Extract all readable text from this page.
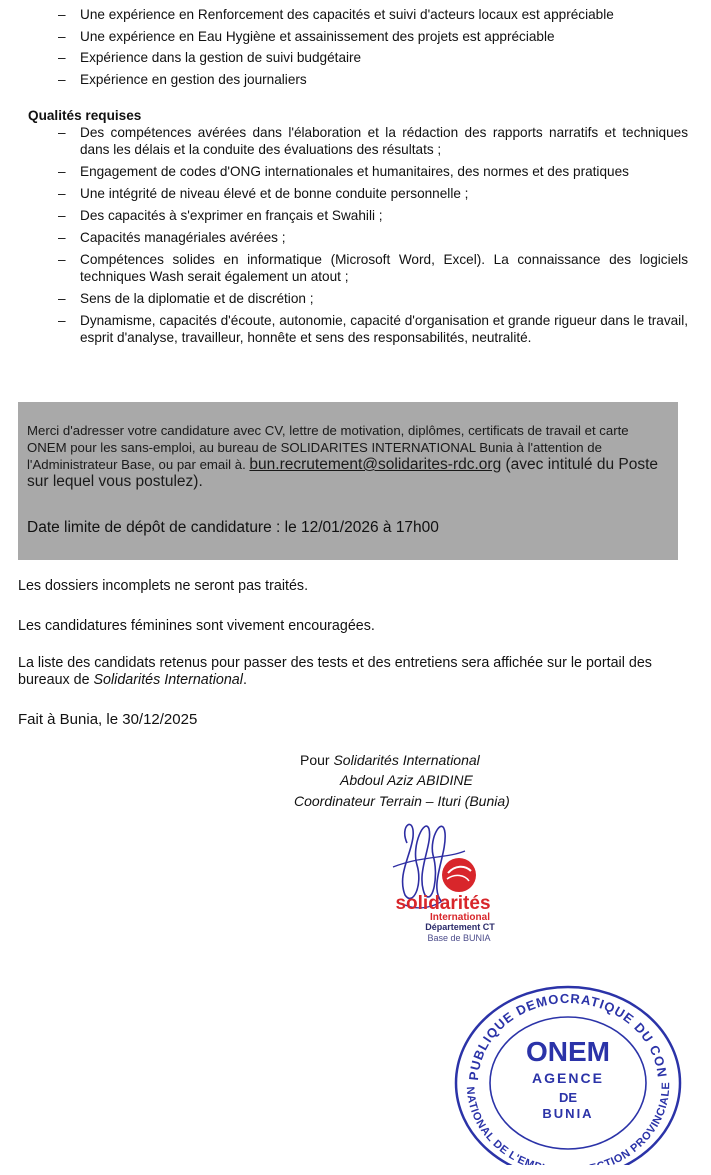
– Une expérience en Renforcement des capacités et suivi d'acteurs locaux est appréciable
– Une expérience en Eau Hygiène et assainissement des projets est appréciable
– Expérience dans la gestion de suivi budgétaire
– Expérience en gestion des journaliers
Qualités requises
– Des compétences avérées dans l'élaboration et la rédaction des rapports narratifs et techniques dans les délais et la conduite des évaluations des résultats ;
– Engagement de codes d'ONG internationales et humanitaires, des normes et des pratiques
– Une intégrité de niveau élevé et de bonne conduite personnelle ;
– Des capacités à s'exprimer en français et Swahili ;
– Capacités managériales avérées ;
– Compétences solides en informatique (Microsoft Word, Excel). La connaissance des logiciels techniques Wash serait également un atout ;
– Sens de la diplomatie et de discrétion ;
– Dynamisme, capacités d'écoute, autonomie, capacité d'organisation et grande rigueur dans le travail, esprit d'analyse, travailleur, honnête et sens des responsabilités, neutralité.
Merci d'adresser votre candidature avec CV, lettre de motivation, diplômes, certificats de travail et carte ONEM pour les sans-emploi, au bureau de SOLIDARITES INTERNATIONAL Bunia à l'attention de l'Administrateur Base, ou par email à. bun.recrutement@solidarites-rdc.org (avec intitulé du Poste sur lequel vous postulez).
Date limite de dépôt de candidature : le 12/01/2026 à 17h00
Les dossiers incomplets ne seront pas traités.
Les candidatures féminines sont vivement encouragées.
La liste des candidats retenus pour passer des tests et des entretiens sera affichée sur le portail des bureaux de Solidarités International.
Fait à Bunia, le 30/12/2025
Pour Solidarités International
Abdoul Aziz ABIDINE
Coordinateur Terrain – Ituri (Bunia)
solidarités
International
Département CT
Base de BUNIA
PUBLIQUE DEMOCRATIQUE DU CON
NATIONAL DE L'EM TION PROVINCIALE
ONEM
AGENCE
DE
BUNIA
